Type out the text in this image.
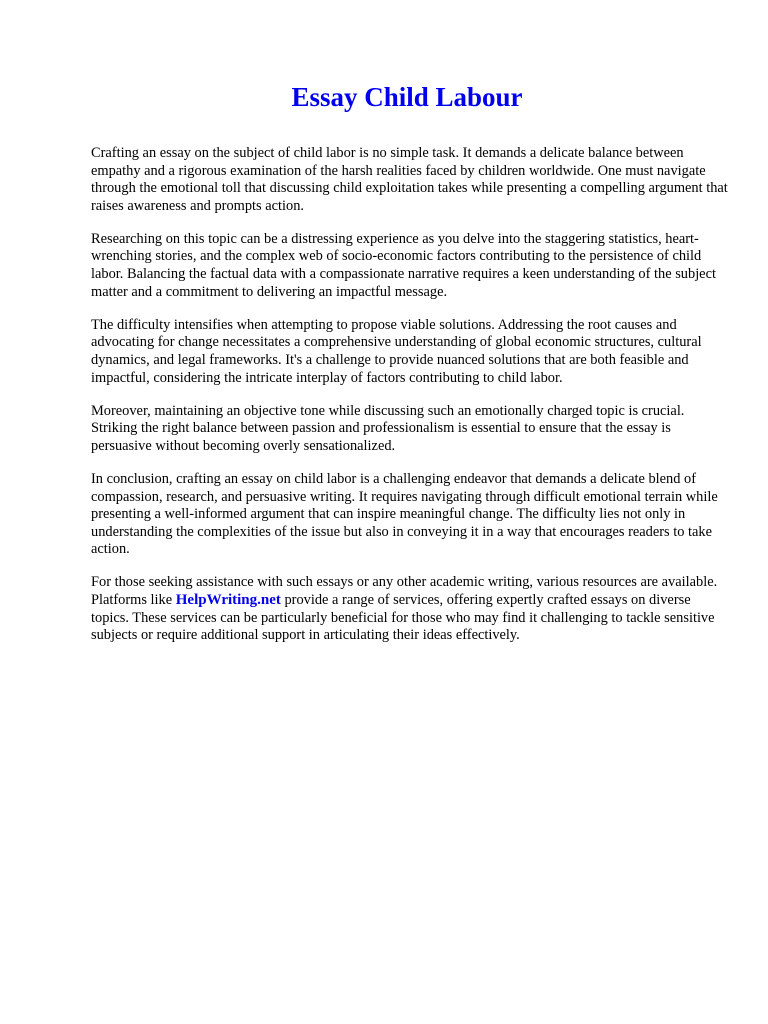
Essay Child Labour

Crafting an essay on the subject of child labor is no simple task. It demands a delicate balance between empathy and a rigorous examination of the harsh realities faced by children worldwide. One must navigate through the emotional toll that discussing child exploitation takes while presenting a compelling argument that raises awareness and prompts action.

Researching on this topic can be a distressing experience as you delve into the staggering statistics, heart-wrenching stories, and the complex web of socio-economic factors contributing to the persistence of child labor. Balancing the factual data with a compassionate narrative requires a keen understanding of the subject matter and a commitment to delivering an impactful message.

The difficulty intensifies when attempting to propose viable solutions. Addressing the root causes and advocating for change necessitates a comprehensive understanding of global economic structures, cultural dynamics, and legal frameworks. It's a challenge to provide nuanced solutions that are both feasible and impactful, considering the intricate interplay of factors contributing to child labor.

Moreover, maintaining an objective tone while discussing such an emotionally charged topic is crucial. Striking the right balance between passion and professionalism is essential to ensure that the essay is persuasive without becoming overly sensationalized.

In conclusion, crafting an essay on child labor is a challenging endeavor that demands a delicate blend of compassion, research, and persuasive writing. It requires navigating through difficult emotional terrain while presenting a well-informed argument that can inspire meaningful change. The difficulty lies not only in understanding the complexities of the issue but also in conveying it in a way that encourages readers to take action.

For those seeking assistance with such essays or any other academic writing, various resources are available. Platforms like HelpWriting.net provide a range of services, offering expertly crafted essays on diverse topics. These services can be particularly beneficial for those who may find it challenging to tackle sensitive subjects or require additional support in articulating their ideas effectively.
